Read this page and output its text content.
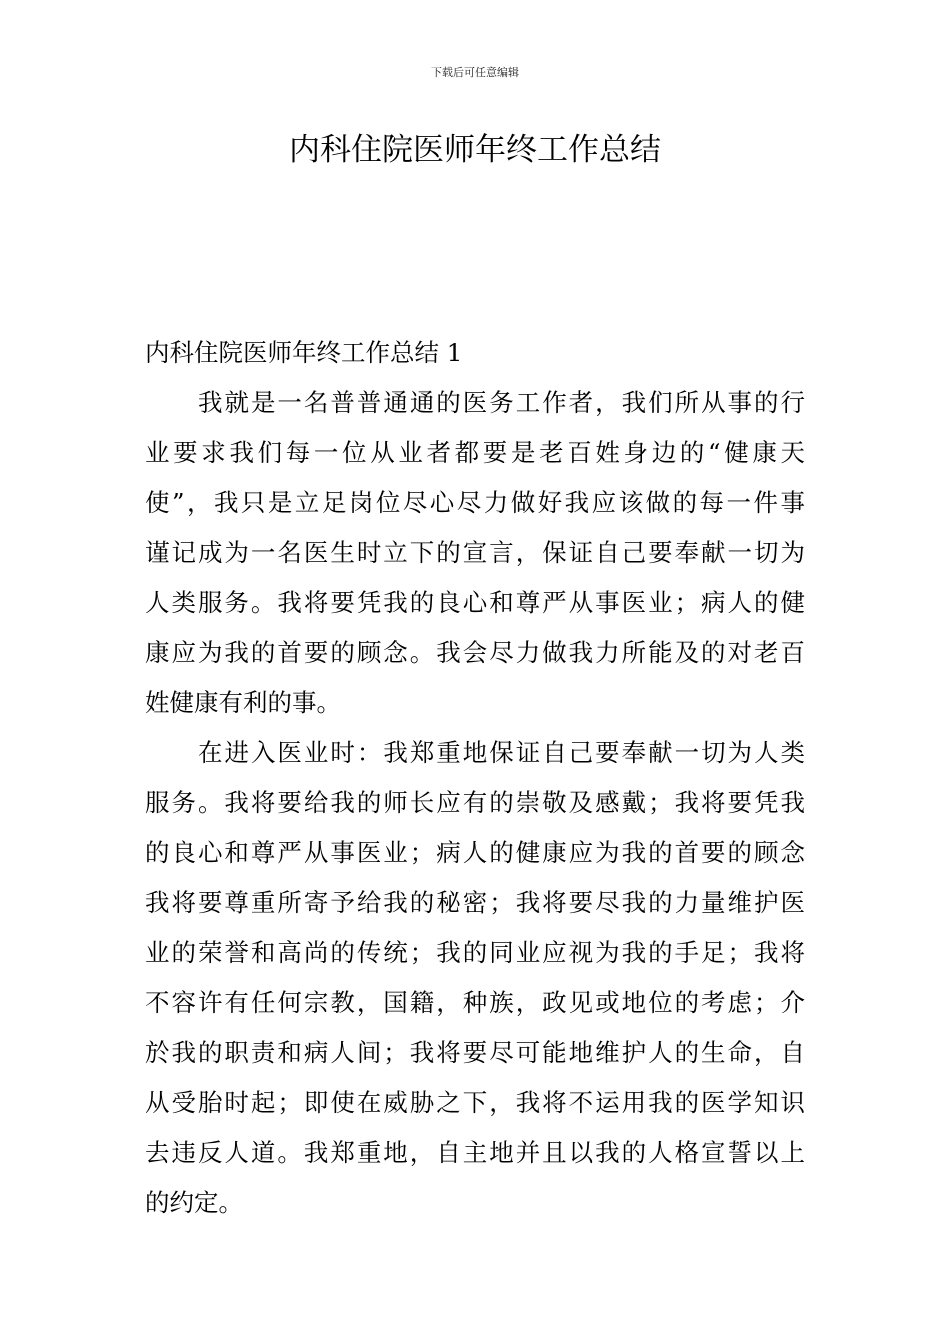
下载后可任意编辑
内科住院医师年终工作总结

内科住院医师年终工作总结 1

我就是一名普普通通的医务工作者，我们所从事的行

业要求我们每一位从业者都要是老百姓身边的“健康天

使”，我只是立足岗位尽心尽力做好我应该做的每一件事

谨记成为一名医生时立下的宣言，保证自己要奉献一切为

人类服务。我将要凭我的良心和尊严从事医业；病人的健

康应为我的首要的顾念。我会尽力做我力所能及的对老百

姓健康有利的事。

在进入医业时：我郑重地保证自己要奉献一切为人类

服务。我将要给我的师长应有的崇敬及感戴；我将要凭我

的良心和尊严从事医业；病人的健康应为我的首要的顾念

我将要尊重所寄予给我的秘密；我将要尽我的力量维护医

业的荣誉和高尚的传统；我的同业应视为我的手足；我将

不容许有任何宗教，国籍，种族，政见或地位的考虑；介

於我的职责和病人间；我将要尽可能地维护人的生命，自

从受胎时起；即使在威胁之下，我将不运用我的医学知识

去违反人道。我郑重地，自主地并且以我的人格宣誓以上

的约定。
